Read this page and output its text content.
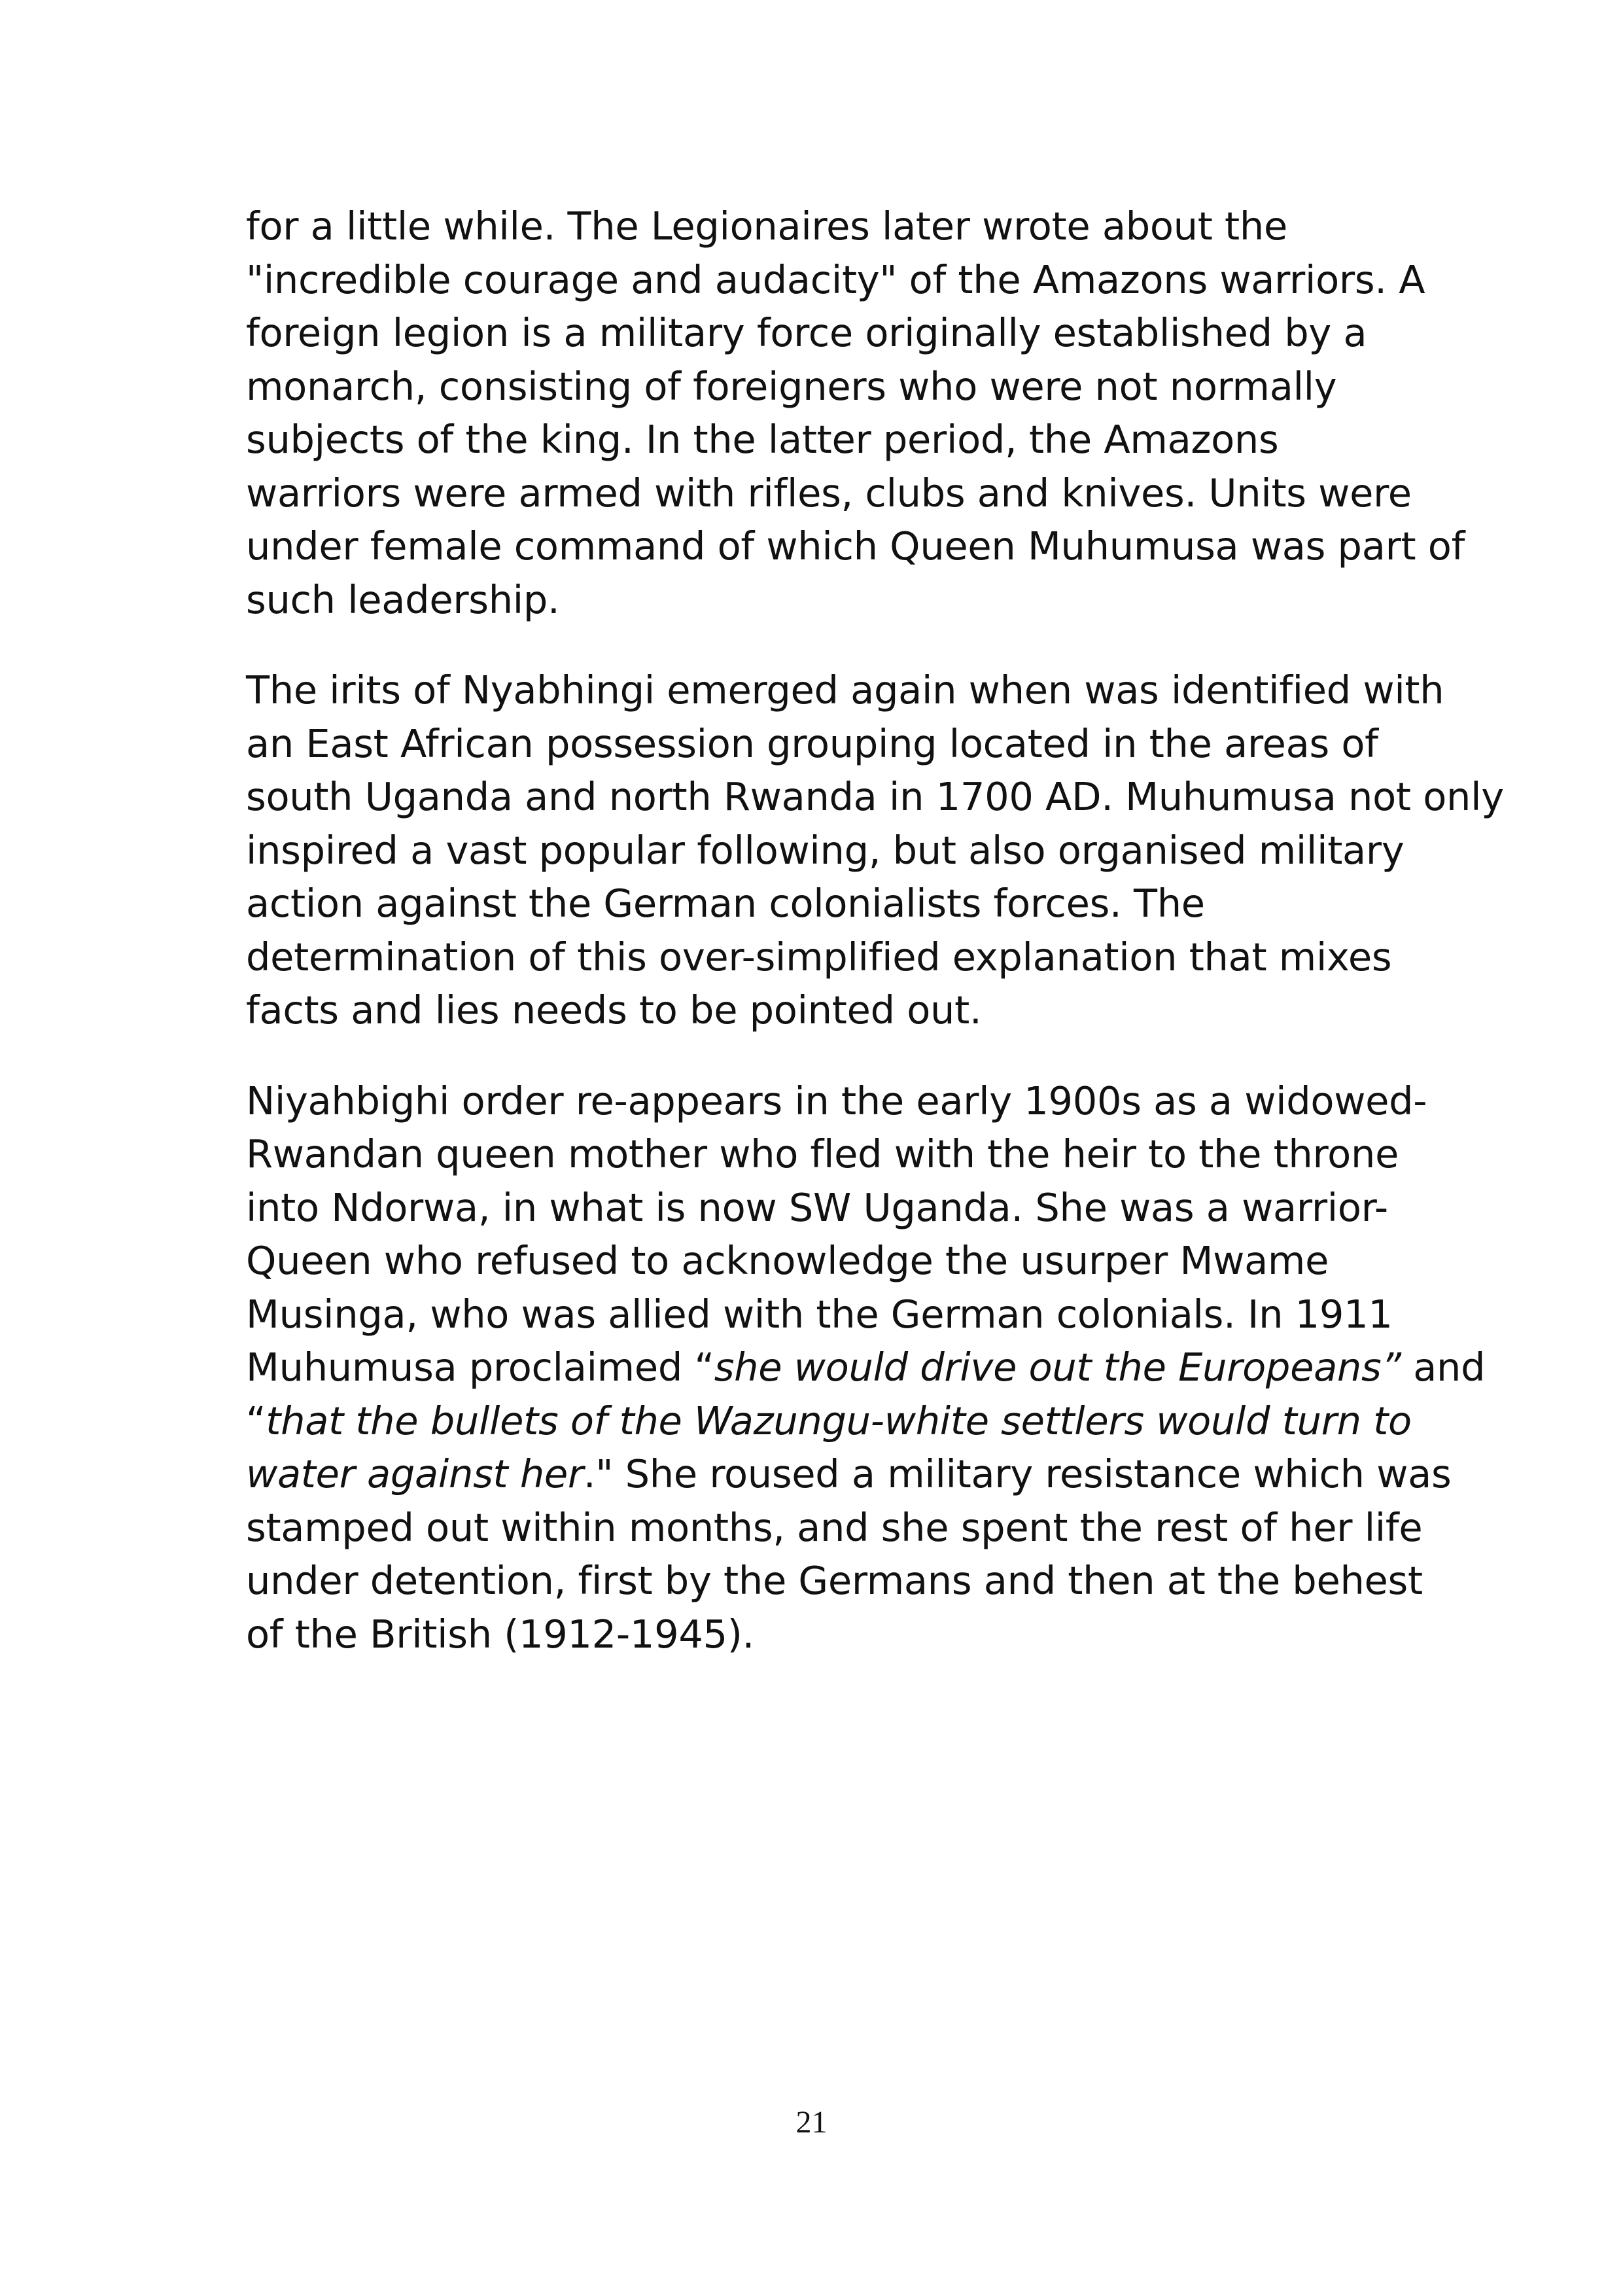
for a little while. The Legionaires later wrote about the
"incredible courage and audacity" of the Amazons warriors. A
foreign legion is a military force originally established by a
monarch, consisting of foreigners who were not normally
subjects of the king. In the latter period, the Amazons
warriors were armed with rifles, clubs and knives. Units were
under female command of which Queen Muhumusa was part of
such leadership.

The irits of Nyabhingi emerged again when was identified with
an East African possession grouping located in the areas of
south Uganda and north Rwanda in 1700 AD. Muhumusa not only
inspired a vast popular following, but also organised military
action against the German colonialists forces. The
determination of this over-simplified explanation that mixes
facts and lies needs to be pointed out.

Niyahbighi order re-appears in the early 1900s as a widowed-
Rwandan queen mother who fled with the heir to the throne
into Ndorwa, in what is now SW Uganda. She was a warrior-
Queen who refused to acknowledge the usurper Mwame
Musinga, who was allied with the German colonials. In 1911
Muhumusa proclaimed “she would drive out the Europeans” and
“that the bullets of the Wazungu-white settlers would turn to
water against her." She roused a military resistance which was
stamped out within months, and she spent the rest of her life
under detention, first by the Germans and then at the behest
of the British (1912-1945).

21
